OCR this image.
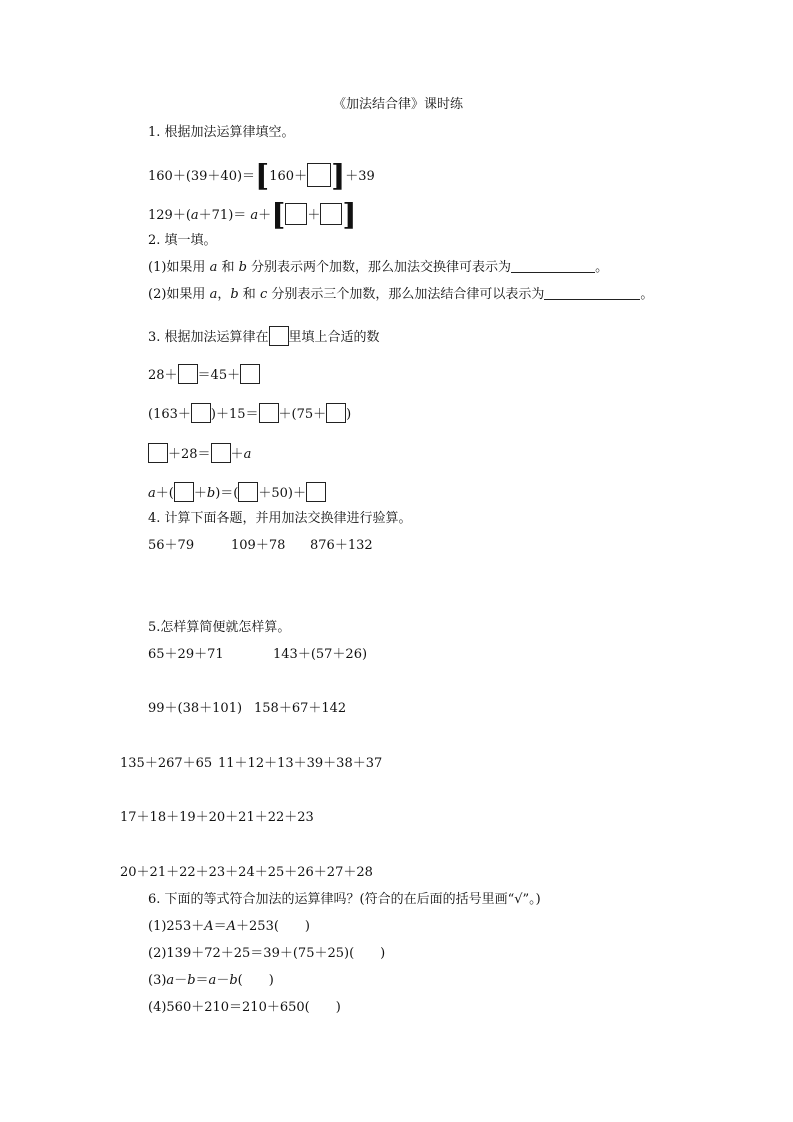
《加法结合律》课时练
1. 根据加法运算律填空。
160＋(39＋40)＝[160＋ ]＋39
129＋(a＋71)＝ a＋[ ＋ ]
2. 填一填。
(1)如果用 a 和 b 分别表示两个加数，那么加法交换律可表示为	。
(2)如果用 a，b 和 c 分别表示三个加数，那么加法结合律可以表示为	。
3. 根据加法运算律在 里填上合适的数
28＋ ＝45＋
(163＋ )＋15＝ ＋(75＋ )
＋28＝ ＋a
a＋( ＋b)＝( ＋50)＋
4. 计算下面各题，并用加法交换律进行验算。
56＋79	109＋78 876＋132
5.怎样算简便就怎样算。
65＋29＋71	143＋(57＋26)
99＋(38＋101) 158＋67＋142
135＋267＋65 11＋12＋13＋39＋38＋37
17＋18＋19＋20＋21＋22＋23
20＋21＋22＋23＋24＋25＋26＋27＋28
6. 下面的等式符合加法的运算律吗？(符合的在后面的括号里画“√”。)
(1)253＋A＝A＋253(　　)
(2)139＋72＋25＝39＋(75＋25)(　　)
(3)a－b＝a－b(　　)
(4)560＋210＝210＋650(　　)
